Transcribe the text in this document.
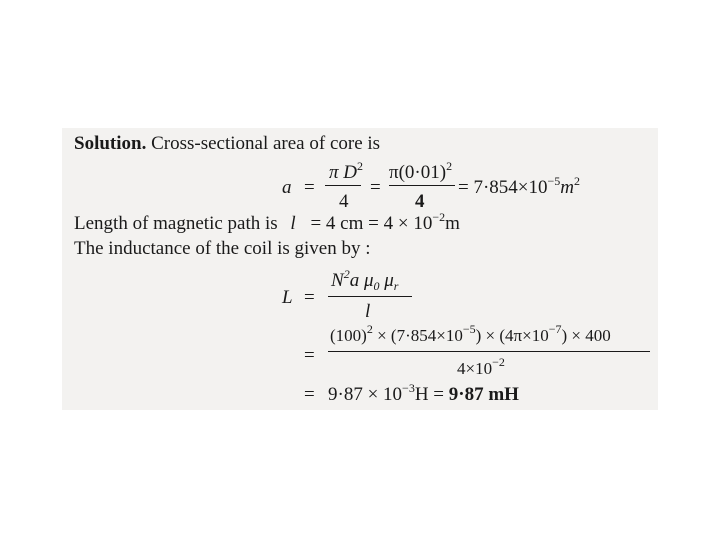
Solution. Cross-sectional area of core is
a =
π $D^2$
4
=
$\pi(0\cdot 01)^2$
4
= $7\cdot 854\times 10^{-5}m^2$
Length of magnetic path is l = 4 cm = $4 \times 10^{-2}m$
The inductance of the coil is given by :
L =
$N^2a$ $\mu_0$ $\mu_r$
l
=
$(100)^2 \times (7\cdot 854\times 10^{-5}) \times (4\pi\times 10^{-7}) \times 400$
$4\times 10^{-2}$
= $9\cdot 87 \times 10^{-3}H = 9\cdot 87$ mH
